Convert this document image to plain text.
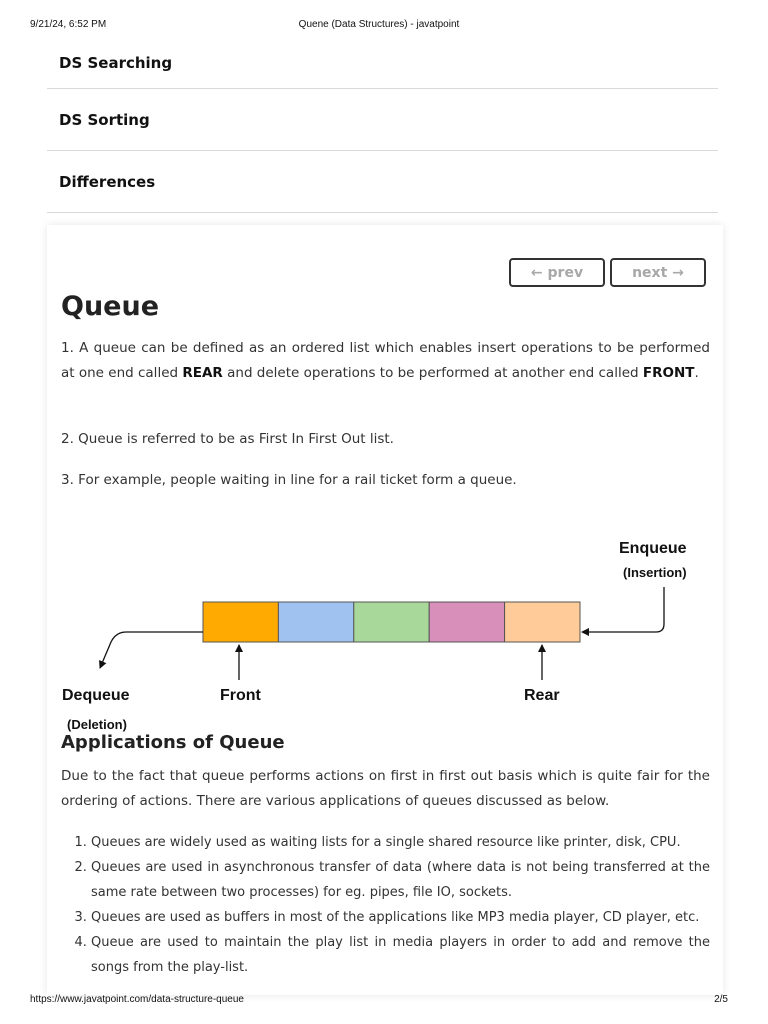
9/21/24, 6:52 PM	Quene (Data Structures) - javatpoint
DS Searching
DS Sorting
Differences
← prev	next →
Queue

1. A queue can be defined as an ordered list which enables insert operations to be performed at one end called REAR and delete operations to be performed at another end called FRONT.

2. Queue is referred to be as First In First Out list.

3. For example, people waiting in line for a rail ticket form a queue.

Enqueue
(Insertion)
Dequeue
(Deletion)
Front	Rear
Applications of Queue

Due to the fact that queue performs actions on first in first out basis which is quite fair for the ordering of actions. There are various applications of queues discussed as below.

1. Queues are widely used as waiting lists for a single shared resource like printer, disk, CPU.
2. Queues are used in asynchronous transfer of data (where data is not being transferred at the same rate between two processes) for eg. pipes, file IO, sockets.
3. Queues are used as buffers in most of the applications like MP3 media player, CD player, etc.
4. Queue are used to maintain the play list in media players in order to add and remove the songs from the play-list.
https://www.javatpoint.com/data-structure-queue	2/5
